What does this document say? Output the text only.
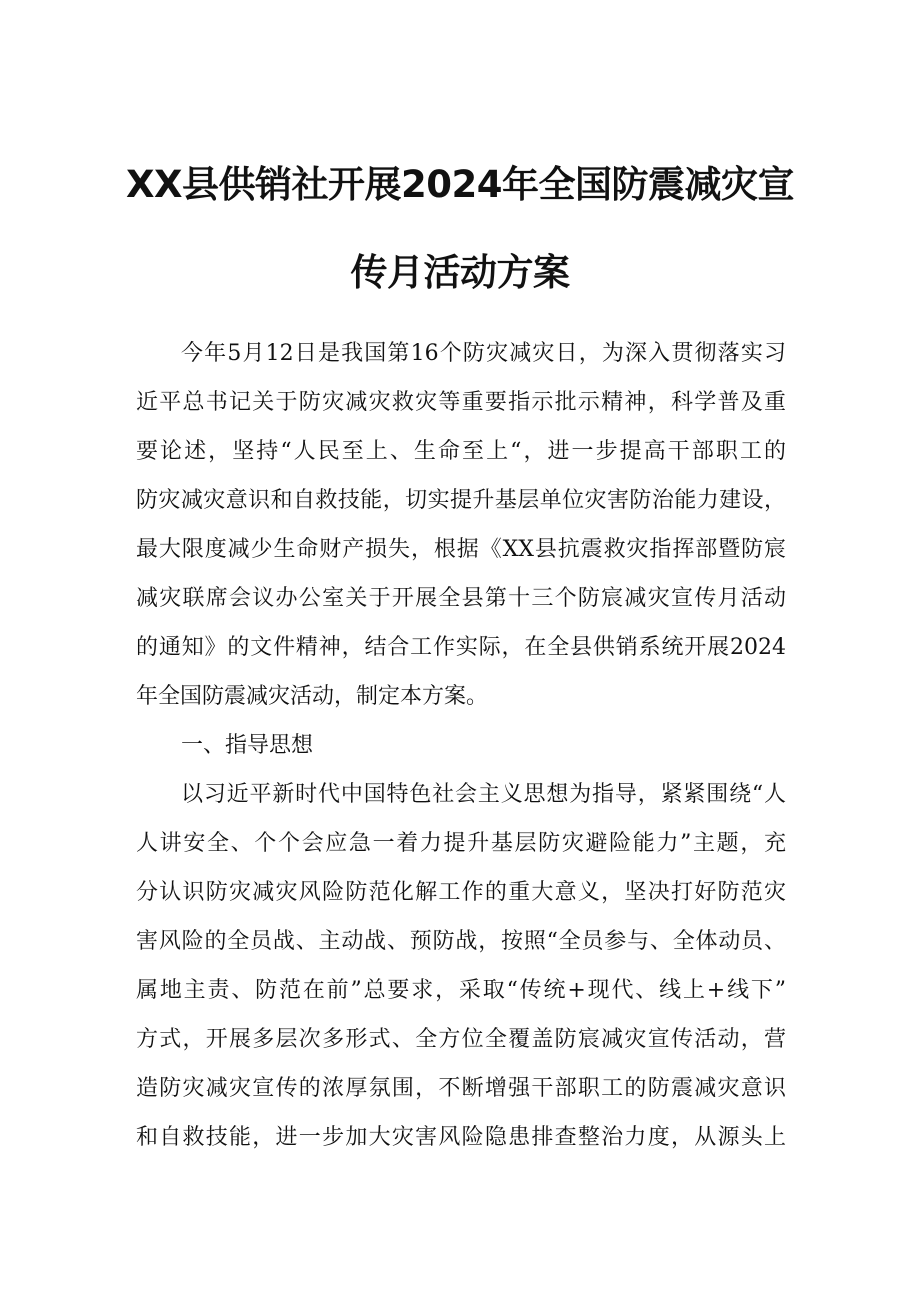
XX县供销社开展2024年全国防震减灾宣
传月活动方案
今年5月12日是我国第16个防灾减灾日，为深入贯彻落实习
近平总书记关于防灾减灾救灾等重要指示批示精神，科学普及重
要论述，坚持“人民至上、生命至上“，进一步提高干部职工的
防灾减灾意识和自救技能，切实提升基层单位灾害防治能力建设，
最大限度减少生命财产损失，根据《XX县抗震救灾指挥部暨防宸
减灾联席会议办公室关于开展全县第十三个防宸减灾宣传月活动
的通知》的文件精神，结合工作实际，在全县供销系统开展2024
年全国防震减灾活动，制定本方案。
一、指导思想
以习近平新时代中国特色社会主义思想为指导，紧紧围绕“人
人讲安全、个个会应急一着力提升基层防灾避险能力”主题，充
分认识防灾减灾风险防范化解工作的重大意义，坚决打好防范灾
害风险的全员战、主动战、预防战，按照“全员参与、全体动员、
属地主责、防范在前”总要求，采取“传统+现代、线上+线下”
方式，开展多层次多形式、全方位全覆盖防宸减灾宣传活动，营
造防灾减灾宣传的浓厚氛围，不断增强干部职工的防震减灾意识
和自救技能，进一步加大灾害风险隐患排查整治力度，从源头上
